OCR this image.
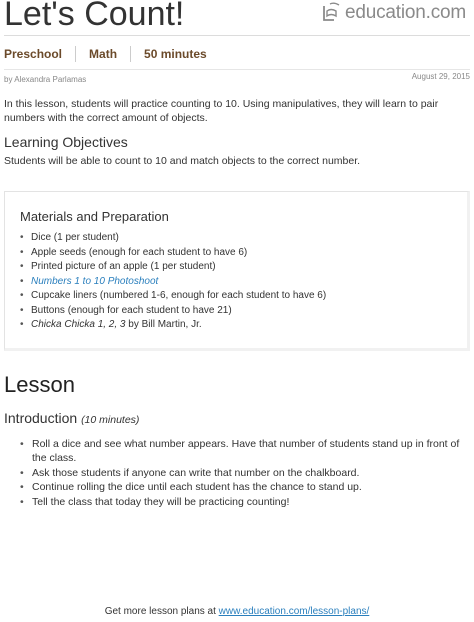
Let's Count!	education.com
Preschool Math 50 minutes
by Alexandra Parlamas	August 29, 2015

In this lesson, students will practice counting to 10. Using manipulatives, they will learn to pair numbers with the correct amount of objects.

Learning Objectives

Students will be able to count to 10 and match objects to the correct number.

Materials and Preparation
• Dice (1 per student)
• Apple seeds (enough for each student to have 6)
• Printed picture of an apple (1 per student)
• Numbers 1 to 10 Photoshoot
• Cupcake liners (numbered 1-6, enough for each student to have 6)
• Buttons (enough for each student to have 21)
• Chicka Chicka 1, 2, 3 by Bill Martin, Jr.
Lesson
Introduction (10 minutes)
• Roll a dice and see what number appears. Have that number of students stand up in front of the class.
• Ask those students if anyone can write that number on the chalkboard.
• Continue rolling the dice until each student has the chance to stand up.
• Tell the class that today they will be practicing counting!
Get more lesson plans at www.education.com/lesson-plans/
